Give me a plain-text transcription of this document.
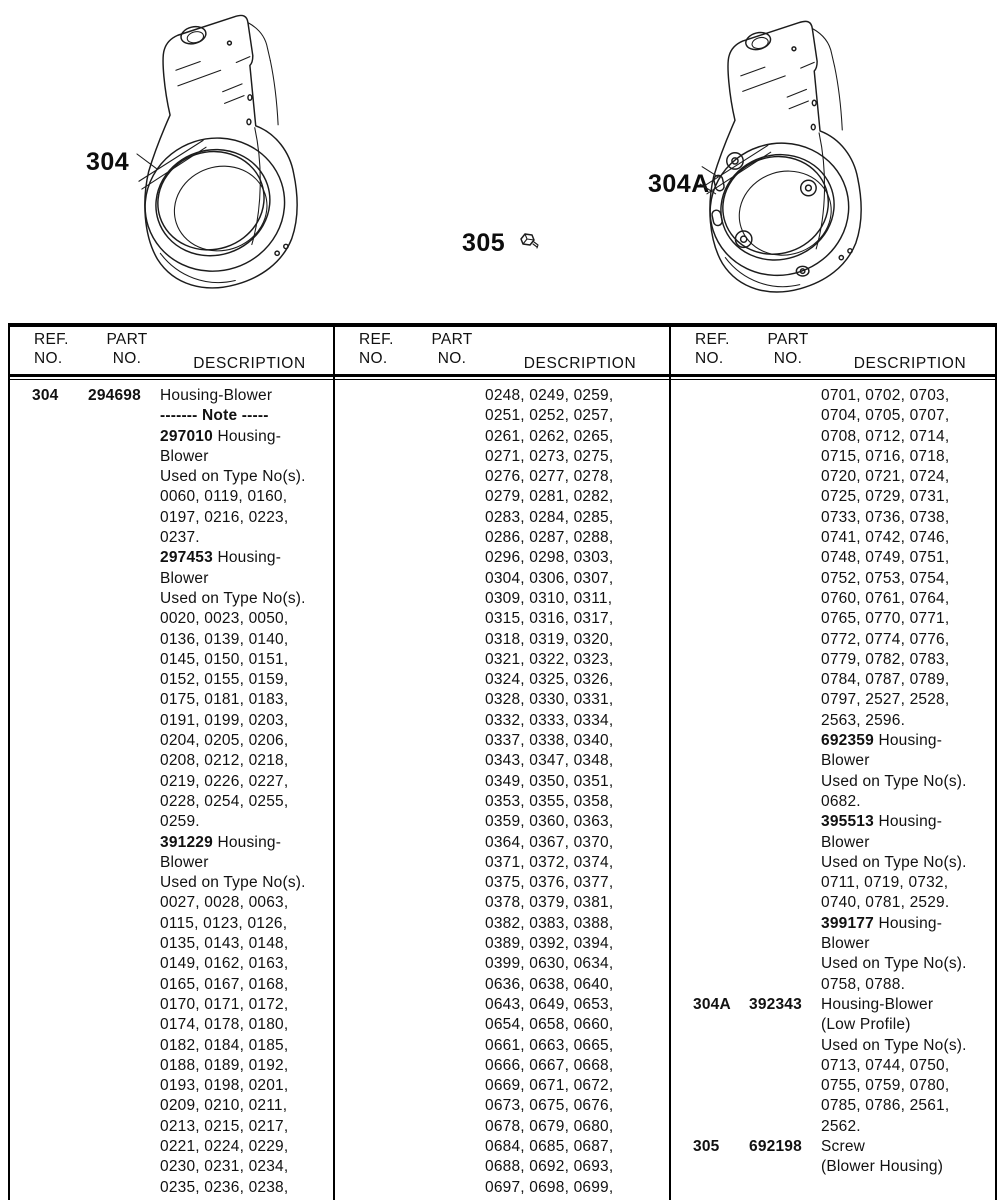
304
305
304A
REF.
NO.
PART
NO.	DESCRIPTION
REF.
NO.
PART
NO.	DESCRIPTION
REF.
NO.
PART
NO.	DESCRIPTION
304	294698	Housing-Blower
------- Note -----
297010 Housing-
Blower
Used on Type No(s).
0060, 0119, 0160,
0197, 0216, 0223,
0237.
297453 Housing-
Blower
Used on Type No(s).
0020, 0023, 0050,
0136, 0139, 0140,
0145, 0150, 0151,
0152, 0155, 0159,
0175, 0181, 0183,
0191, 0199, 0203,
0204, 0205, 0206,
0208, 0212, 0218,
0219, 0226, 0227,
0228, 0254, 0255,
0259.
391229 Housing-
Blower
Used on Type No(s).
0027, 0028, 0063,
0115, 0123, 0126,
0135, 0143, 0148,
0149, 0162, 0163,
0165, 0167, 0168,
0170, 0171, 0172,
0174, 0178, 0180,
0182, 0184, 0185,
0188, 0189, 0192,
0193, 0198, 0201,
0209, 0210, 0211,
0213, 0215, 0217,
0221, 0224, 0229,
0230, 0231, 0234,
0235, 0236, 0238,
0248, 0249, 0259,
0251, 0252, 0257,
0261, 0262, 0265,
0271, 0273, 0275,
0276, 0277, 0278,
0279, 0281, 0282,
0283, 0284, 0285,
0286, 0287, 0288,
0296, 0298, 0303,
0304, 0306, 0307,
0309, 0310, 0311,
0315, 0316, 0317,
0318, 0319, 0320,
0321, 0322, 0323,
0324, 0325, 0326,
0328, 0330, 0331,
0332, 0333, 0334,
0337, 0338, 0340,
0343, 0347, 0348,
0349, 0350, 0351,
0353, 0355, 0358,
0359, 0360, 0363,
0364, 0367, 0370,
0371, 0372, 0374,
0375, 0376, 0377,
0378, 0379, 0381,
0382, 0383, 0388,
0389, 0392, 0394,
0399, 0630, 0634,
0636, 0638, 0640,
0643, 0649, 0653,
0654, 0658, 0660,
0661, 0663, 0665,
0666, 0667, 0668,
0669, 0671, 0672,
0673, 0675, 0676,
0678, 0679, 0680,
0684, 0685, 0687,
0688, 0692, 0693,
0697, 0698, 0699,
0701, 0702, 0703,
0704, 0705, 0707,
0708, 0712, 0714,
0715, 0716, 0718,
0720, 0721, 0724,
0725, 0729, 0731,
0733, 0736, 0738,
0741, 0742, 0746,
0748, 0749, 0751,
0752, 0753, 0754,
0760, 0761, 0764,
0765, 0770, 0771,
0772, 0774, 0776,
0779, 0782, 0783,
0784, 0787, 0789,
0797, 2527, 2528,
2563, 2596.
692359 Housing-
Blower
Used on Type No(s).
0682.
395513 Housing-
Blower
Used on Type No(s).
0711, 0719, 0732,
0740, 0781, 2529.
399177 Housing-
Blower
Used on Type No(s).
0758, 0788.
304A	392343	Housing-Blower
(Low Profile)
Used on Type No(s).
0713, 0744, 0750,
0755, 0759, 0780,
0785, 0786, 2561,
2562.
305	692198	Screw
(Blower Housing)
